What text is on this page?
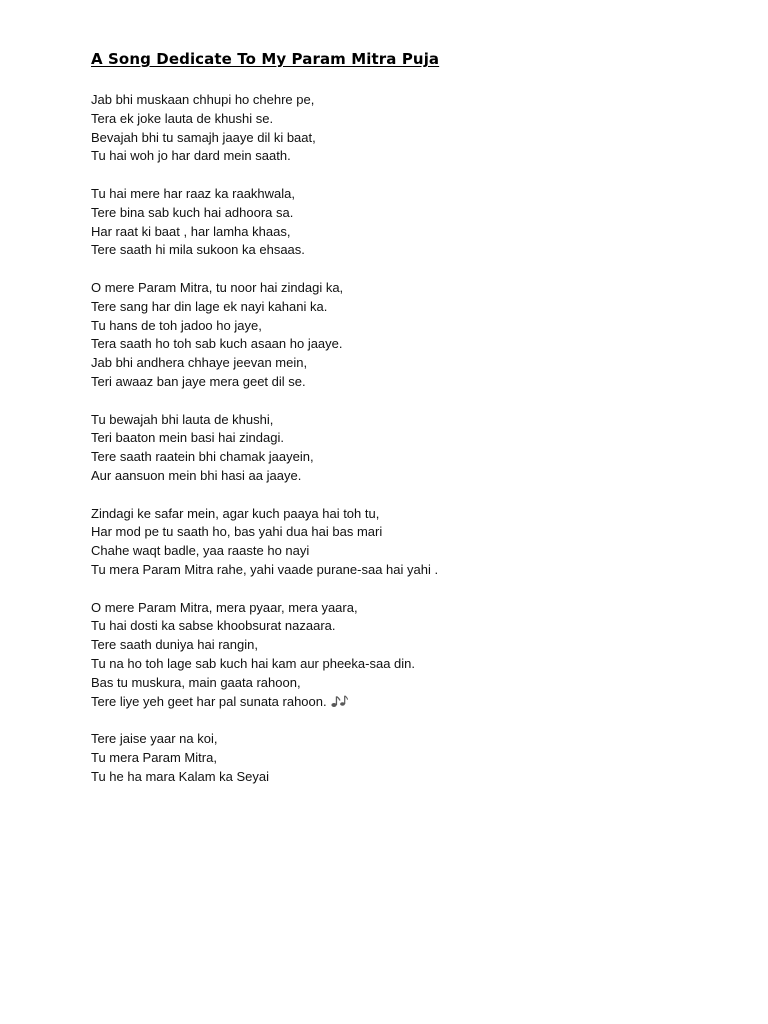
A Song Dedicate To My Param Mitra Puja
Jab bhi muskaan chhupi ho chehre pe,
Tera ek joke lauta de khushi se.
Bevajah bhi tu samajh jaaye dil ki baat,
Tu hai woh jo har dard mein saath.
Tu hai mere har raaz ka raakhwala,
Tere bina sab kuch hai adhoora sa.
Har raat ki baat , har lamha khaas,
Tere saath hi mila sukoon ka ehsaas.
O mere Param Mitra, tu noor hai zindagi ka,
Tere sang har din lage ek nayi kahani ka.
Tu hans de toh jadoo ho jaye,
Tera saath ho toh sab kuch asaan ho jaaye.
Jab bhi andhera chhaye jeevan mein,
Teri awaaz ban jaye mera geet dil se.
Tu bewajah bhi lauta de khushi,
Teri baaton mein basi hai zindagi.
Tere saath raatein bhi chamak jaayein,
Aur aansuon mein bhi hasi aa jaaye.
Zindagi ke safar mein, agar kuch paaya hai toh tu,
Har mod pe tu saath ho, bas yahi dua hai bas mari
Chahe waqt badle, yaa raaste ho nayi
Tu mera Param Mitra rahe, yahi vaade purane-saa hai yahi .
O mere Param Mitra, mera pyaar, mera yaara,
Tu hai dosti ka sabse khoobsurat nazaara.
Tere saath duniya hai rangin,
Tu na ho toh lage sab kuch hai kam aur pheeka-saa din.
Bas tu muskura, main gaata rahoon,
Tere liye yeh geet har pal sunata rahoon.
Tere jaise yaar na koi,
Tu mera Param Mitra,
Tu he ha mara Kalam ka Seyai
